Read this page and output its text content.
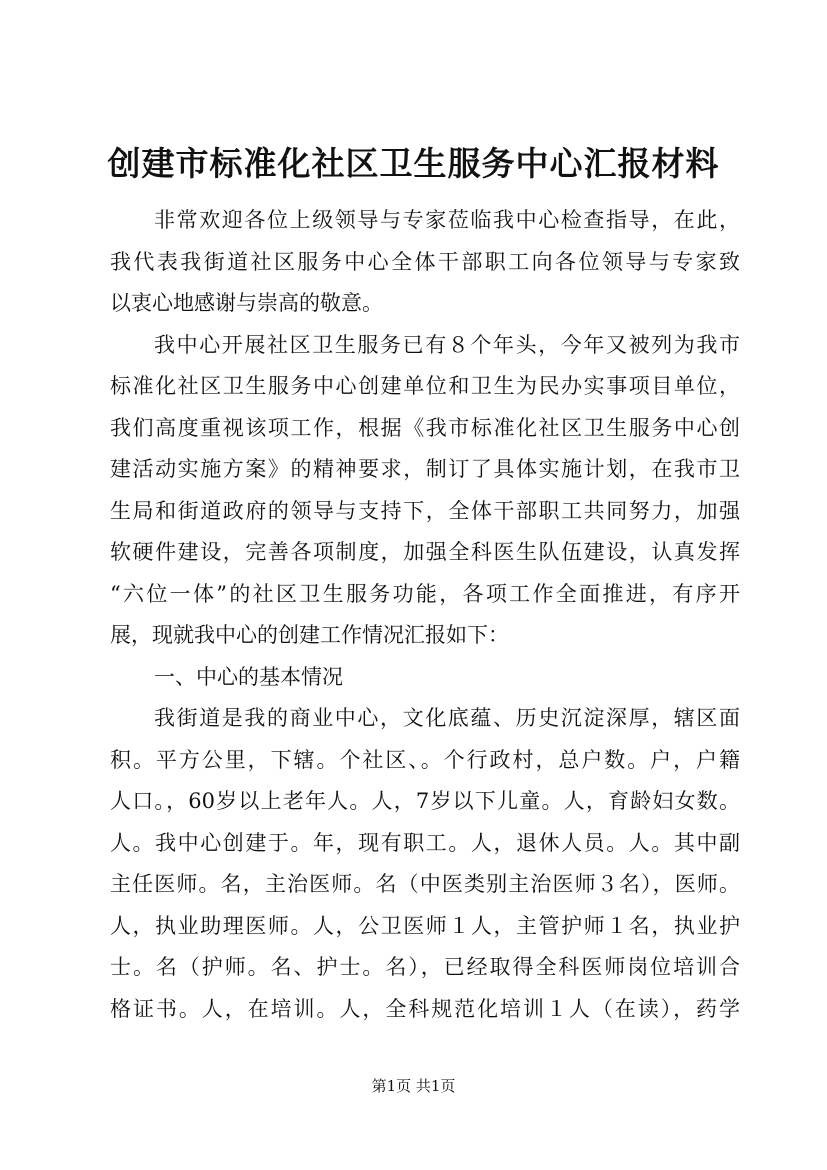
创建市标准化社区卫生服务中心汇报材料
非常欢迎各位上级领导与专家莅临我中心检查指导，在此，
我代表我街道社区服务中心全体干部职工向各位领导与专家致
以衷心地感谢与崇高的敬意。
我中心开展社区卫生服务已有８个年头，今年又被列为我市
标准化社区卫生服务中心创建单位和卫生为民办实事项目单位，
我们高度重视该项工作，根据《我市标准化社区卫生服务中心创
建活动实施方案》的精神要求，制订了具体实施计划，在我市卫
生局和街道政府的领导与支持下，全体干部职工共同努力，加强
软硬件建设，完善各项制度，加强全科医生队伍建设，认真发挥
“六位一体”的社区卫生服务功能，各项工作全面推进，有序开
展，现就我中心的创建工作情况汇报如下：
一、中心的基本情况
我街道是我的商业中心，文化底蕴、历史沉淀深厚，辖区面
积。平方公里，下辖。个社区、。个行政村，总户数。户，户籍
人口。，60岁以上老年人。人，7岁以下儿童。人，育龄妇女数。
人。我中心创建于。年，现有职工。人，退休人员。人。其中副
主任医师。名，主治医师。名（中医类别主治医师３名），医师。
人，执业助理医师。人，公卫医师１人，主管护师１名，执业护
士。名（护师。名、护士。名），已经取得全科医师岗位培训合
格证书。人，在培训。人，全科规范化培训１人（在读），药学
第1页 共1页
